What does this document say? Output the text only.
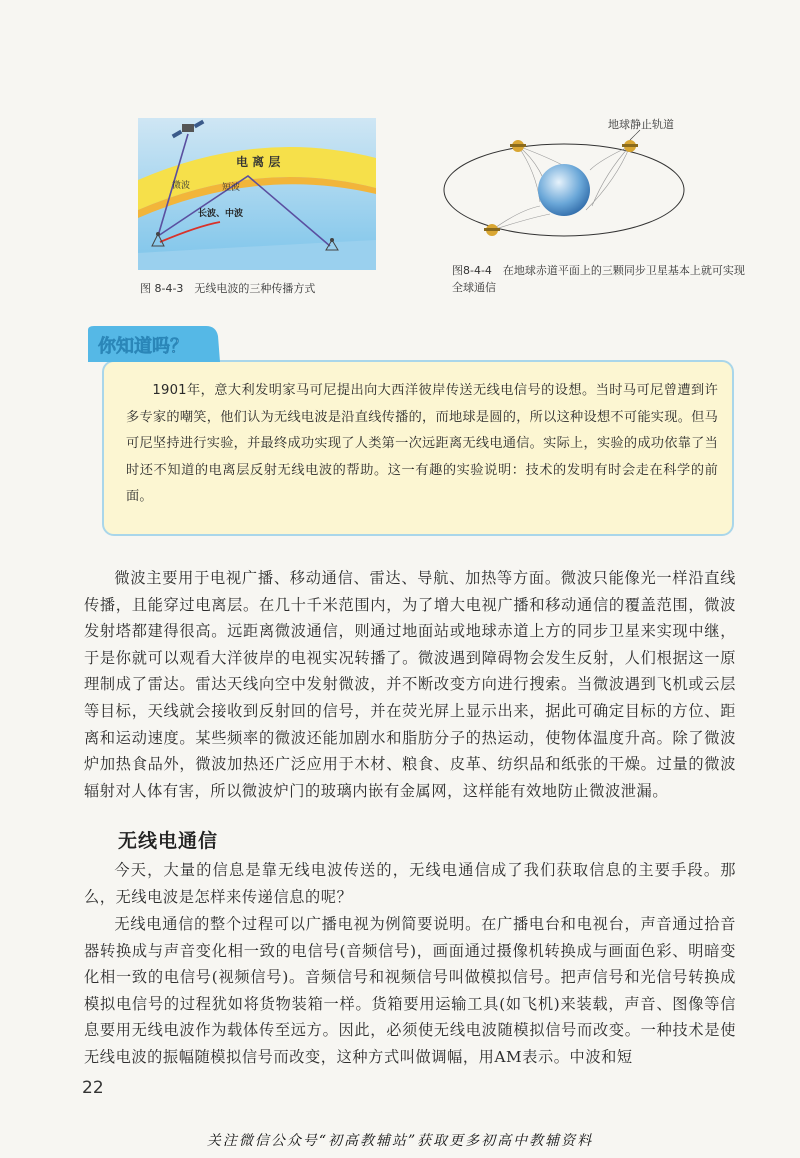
电 离 层
微波	短波
长波、中波
图 8-4-3　无线电波的三种传播方式
地球静止轨道
图8-4-4　在地球赤道平面上的三颗同步卫星基本上就可实现全球通信
你知道吗？
1901年，意大利发明家马可尼提出向大西洋彼岸传送无线电信号的设想。当时马可尼曾遭到许多专家的嘲笑，他们认为无线电波是沿直线传播的，而地球是圆的，所以这种设想不可能实现。但马可尼坚持进行实验，并最终成功实现了人类第一次远距离无线电通信。实际上，实验的成功依靠了当时还不知道的电离层反射无线电波的帮助。这一有趣的实验说明：技术的发明有时会走在科学的前面。
微波主要用于电视广播、移动通信、雷达、导航、加热等方面。微波只能像光一样沿直线传播，且能穿过电离层。在几十千米范围内，为了增大电视广播和移动通信的覆盖范围，微波发射塔都建得很高。远距离微波通信，则通过地面站或地球赤道上方的同步卫星来实现中继，于是你就可以观看大洋彼岸的电视实况转播了。微波遇到障碍物会发生反射，人们根据这一原理制成了雷达。雷达天线向空中发射微波，并不断改变方向进行搜索。当微波遇到飞机或云层等目标，天线就会接收到反射回的信号，并在荧光屏上显示出来，据此可确定目标的方位、距离和运动速度。某些频率的微波还能加剧水和脂肪分子的热运动，使物体温度升高。除了微波炉加热食品外，微波加热还广泛应用于木材、粮食、皮革、纺织品和纸张的干燥。过量的微波辐射对人体有害，所以微波炉门的玻璃内嵌有金属网，这样能有效地防止微波泄漏。
无线电通信
今天，大量的信息是靠无线电波传送的，无线电通信成了我们获取信息的主要手段。那么，无线电波是怎样来传递信息的呢？
无线电通信的整个过程可以广播电视为例简要说明。在广播电台和电视台，声音通过拾音器转换成与声音变化相一致的电信号(音频信号)，画面通过摄像机转换成与画面色彩、明暗变化相一致的电信号(视频信号)。音频信号和视频信号叫做模拟信号。把声信号和光信号转换成模拟电信号的过程犹如将货物装箱一样。货箱要用运输工具(如飞机)来装载，声音、图像等信息要用无线电波作为载体传至远方。因此，必须使无线电波随模拟信号而改变。一种技术是使无线电波的振幅随模拟信号而改变，这种方式叫做调幅，用AM表示。中波和短
22
关注微信公众号“初高教辅站”获取更多初高中教辅资料
